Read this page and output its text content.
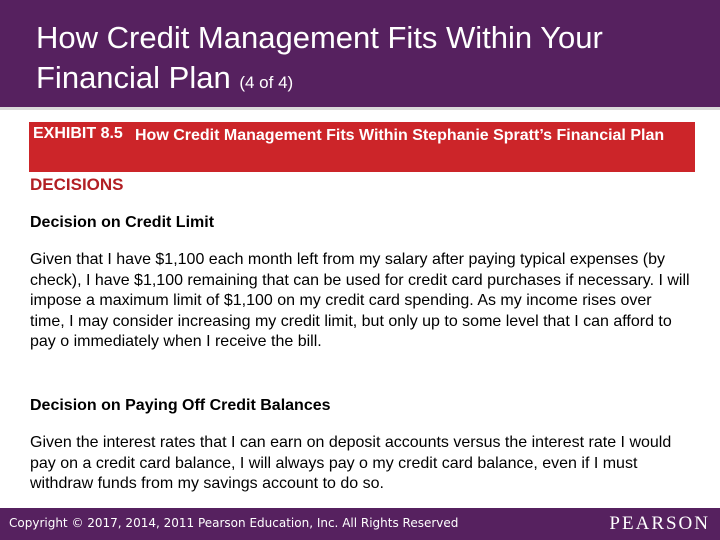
How Credit Management Fits Within Your Financial Plan (4 of 4)
EXHIBIT 8.5 How Credit Management Fits Within Stephanie Spratt’s Financial Plan
DECISIONS
Decision on Credit Limit
Given that I have $1,100 each month left from my salary after paying typical expenses (by check), I have $1,100 remaining that can be used for credit card purchases if necessary. I will impose a maximum limit of $1,100 on my credit card spending. As my income rises over time, I may consider increasing my credit limit, but only up to some level that I can afford to pay o immediately when I receive the bill.
Decision on Paying Off Credit Balances
Given the interest rates that I can earn on deposit accounts versus the interest rate I would pay on a credit card balance, I will always pay o my credit card balance, even if I must withdraw funds from my savings account to do so.
Copyright © 2017, 2014, 2011 Pearson Education, Inc. All Rights Reserved	PEARSON
